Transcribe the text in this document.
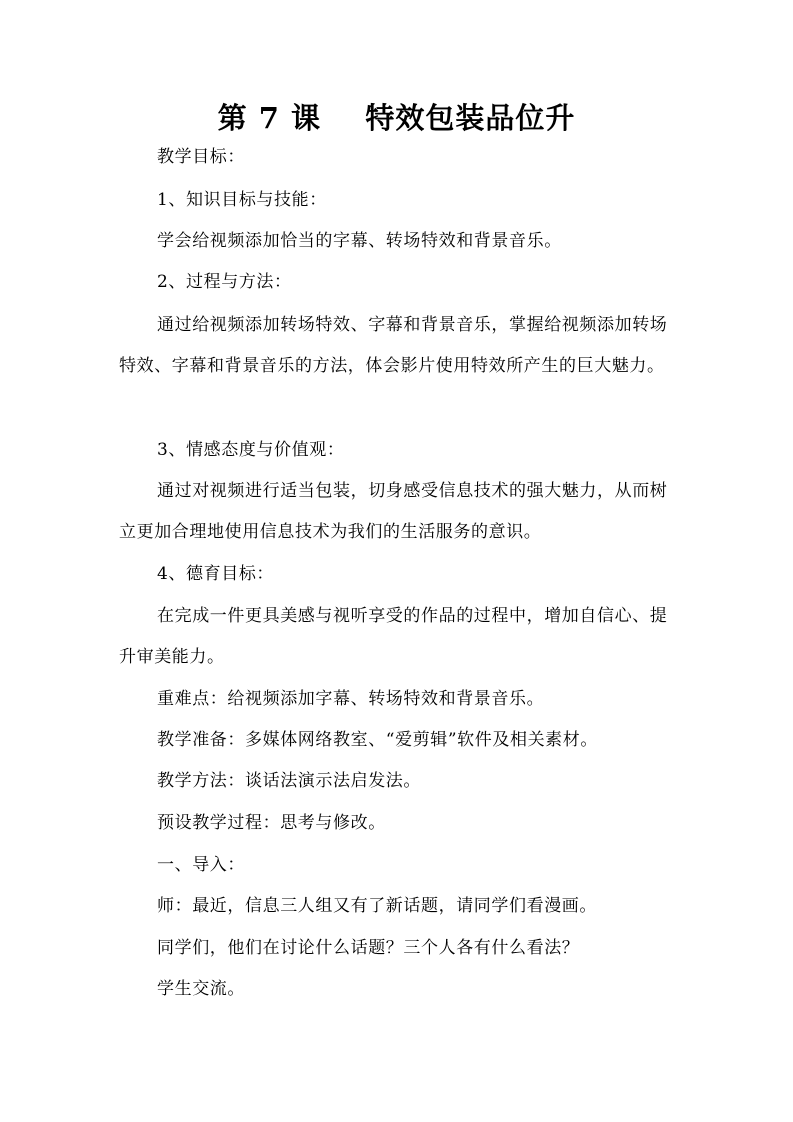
第 7 课    特效包装品位升

教学目标：

1、知识目标与技能：

学会给视频添加恰当的字幕、转场特效和背景音乐。

2、过程与方法：

通过给视频添加转场特效、字幕和背景音乐，掌握给视频添加转场特效、字幕和背景音乐的方法，体会影片使用特效所产生的巨大魅力。

3、情感态度与价值观：

通过对视频进行适当包装，切身感受信息技术的强大魅力，从而树立更加合理地使用信息技术为我们的生活服务的意识。

4、德育目标：

在完成一件更具美感与视听享受的作品的过程中，增加自信心、提升审美能力。

重难点：给视频添加字幕、转场特效和背景音乐。

教学准备：多媒体网络教室、“爱剪辑”软件及相关素材。

教学方法：谈话法演示法启发法。

预设教学过程：思考与修改。

一、导入：

师：最近，信息三人组又有了新话题，请同学们看漫画。

同学们，他们在讨论什么话题？三个人各有什么看法？

学生交流。
